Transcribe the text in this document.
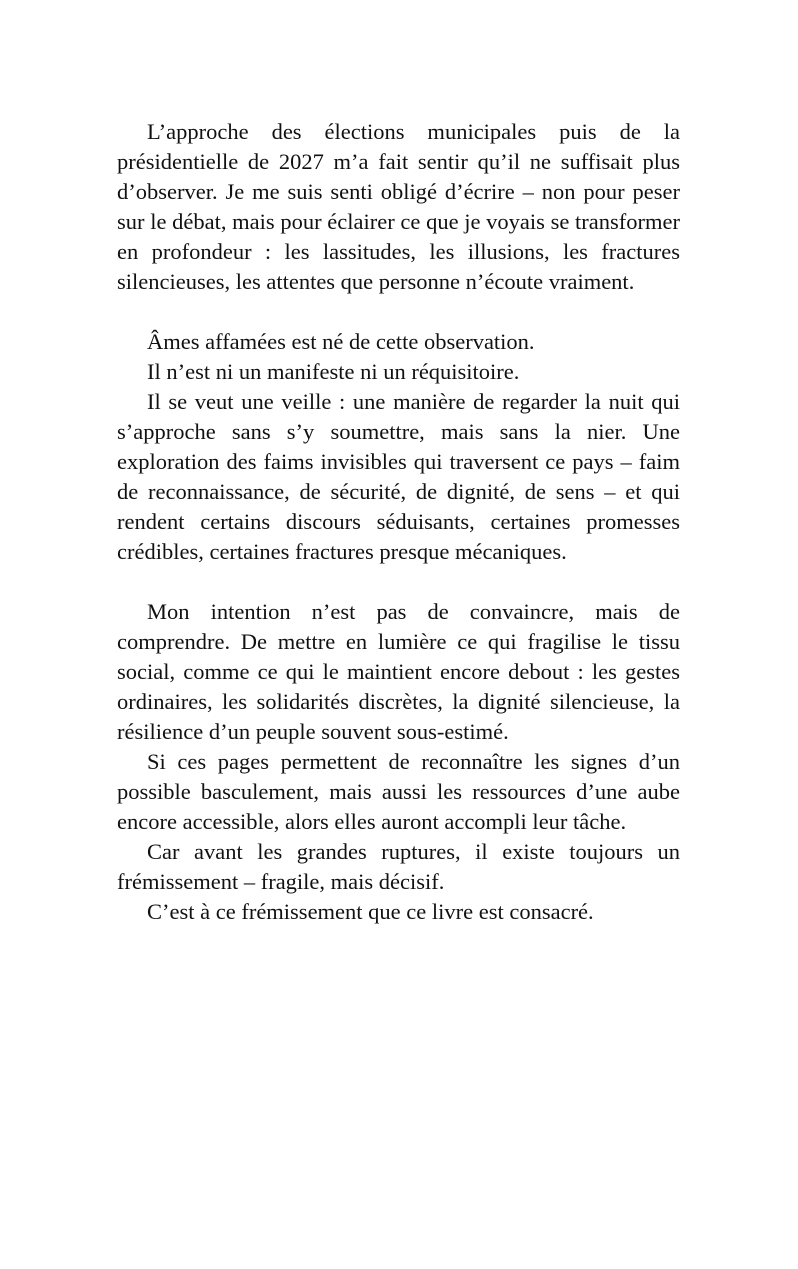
L’approche des élections municipales puis de la présidentielle de 2027 m’a fait sentir qu’il ne suffisait plus d’observer. Je me suis senti obligé d’écrire – non pour peser sur le débat, mais pour éclairer ce que je voyais se transformer en profondeur : les lassitudes, les illusions, les fractures silencieuses, les attentes que personne n’écoute vraiment.

Âmes affamées est né de cette observation.

Il n’est ni un manifeste ni un réquisitoire.

Il se veut une veille : une manière de regarder la nuit qui s’approche sans s’y soumettre, mais sans la nier. Une exploration des faims invisibles qui traversent ce pays – faim de reconnaissance, de sécurité, de dignité, de sens – et qui rendent certains discours séduisants, certaines promesses crédibles, certaines fractures presque mécaniques.

Mon intention n’est pas de convaincre, mais de comprendre. De mettre en lumière ce qui fragilise le tissu social, comme ce qui le maintient encore debout : les gestes ordinaires, les solidarités discrètes, la dignité silencieuse, la résilience d’un peuple souvent sous-estimé.

Si ces pages permettent de reconnaître les signes d’un possible basculement, mais aussi les ressources d’une aube encore accessible, alors elles auront accompli leur tâche.

Car avant les grandes ruptures, il existe toujours un frémissement – fragile, mais décisif.

C’est à ce frémissement que ce livre est consacré.
